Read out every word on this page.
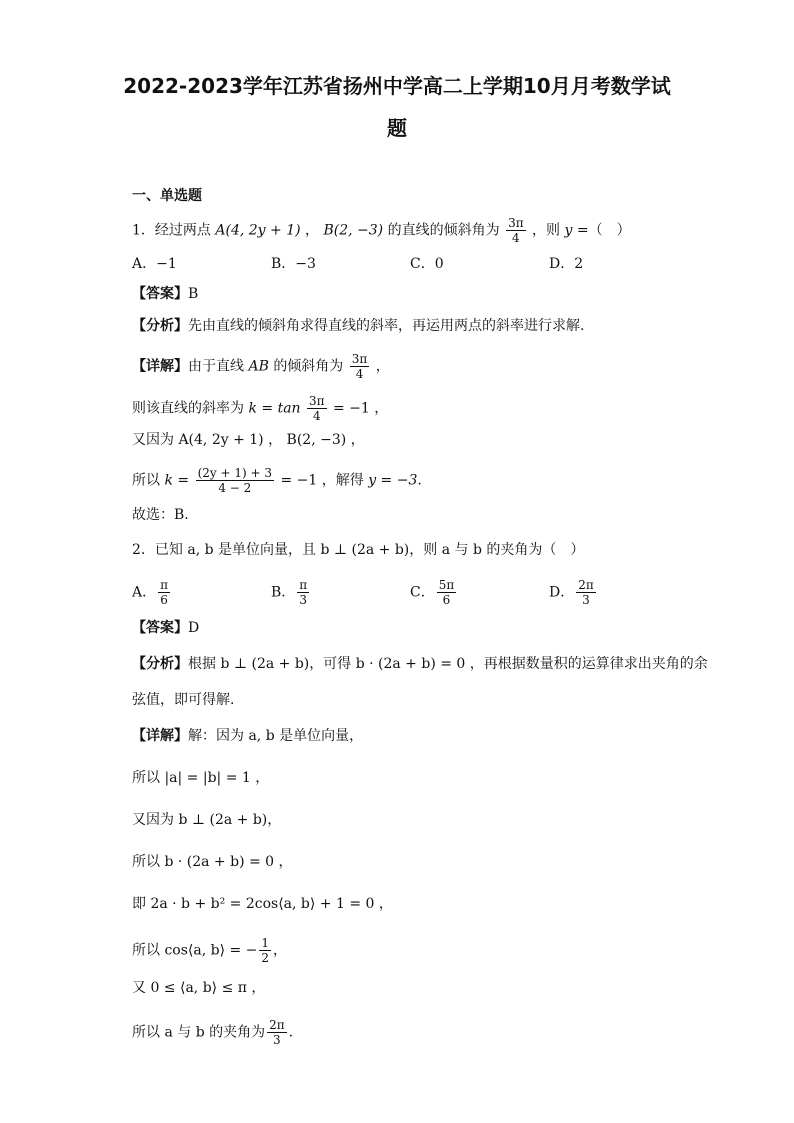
2022-2023学年江苏省扬州中学高二上学期10月月考数学试
题
一、单选题
1．经过两点 A(4, 2y + 1) ， B(2, −3) 的直线的倾斜角为 $\frac{3\pi}{4}$ ，则 y =（　）
A．−1	B．−3	C．0	D．2
【答案】B
【分析】先由直线的倾斜角求得直线的斜率，再运用两点的斜率进行求解.
【详解】由于直线 AB 的倾斜角为 $\frac{3\pi}{4}$ ，
则该直线的斜率为 $k = \tan \frac{3\pi}{4} = -1$ ，
又因为 A(4, 2y + 1) ， B(2, −3) ，
所以 $k = \frac{(2y + 1) + 3}{4 - 2} = -1$ ，解得 y = −3.
故选：B.
2．已知 a, b 是单位向量，且 b ⊥ (2a + b)，则 a 与 b 的夹角为（　）
A． $\frac{\pi}{6}$	B． $\frac{\pi}{3}$	C． $\frac{5\pi}{6}$	D． $\frac{2\pi}{3}$
【答案】D
【分析】根据 b ⊥ (2a + b)，可得 b · (2a + b) = 0 ，再根据数量积的运算律求出夹角的余
弦值，即可得解.
【详解】解：因为 a, b 是单位向量，
所以 |a| = |b| = 1 ，
又因为 b ⊥ (2a + b)，
所以 b · (2a + b) = 0 ，
即 2a · b + b² = 2cos⟨a, b⟩ + 1 = 0 ，
所以 cos⟨a, b⟩ = − $\frac{1}{2}$ ，
又 0 ≤ ⟨a, b⟩ ≤ π ，
所以 a 与 b 的夹角为 $\frac{2\pi}{3}$ .
